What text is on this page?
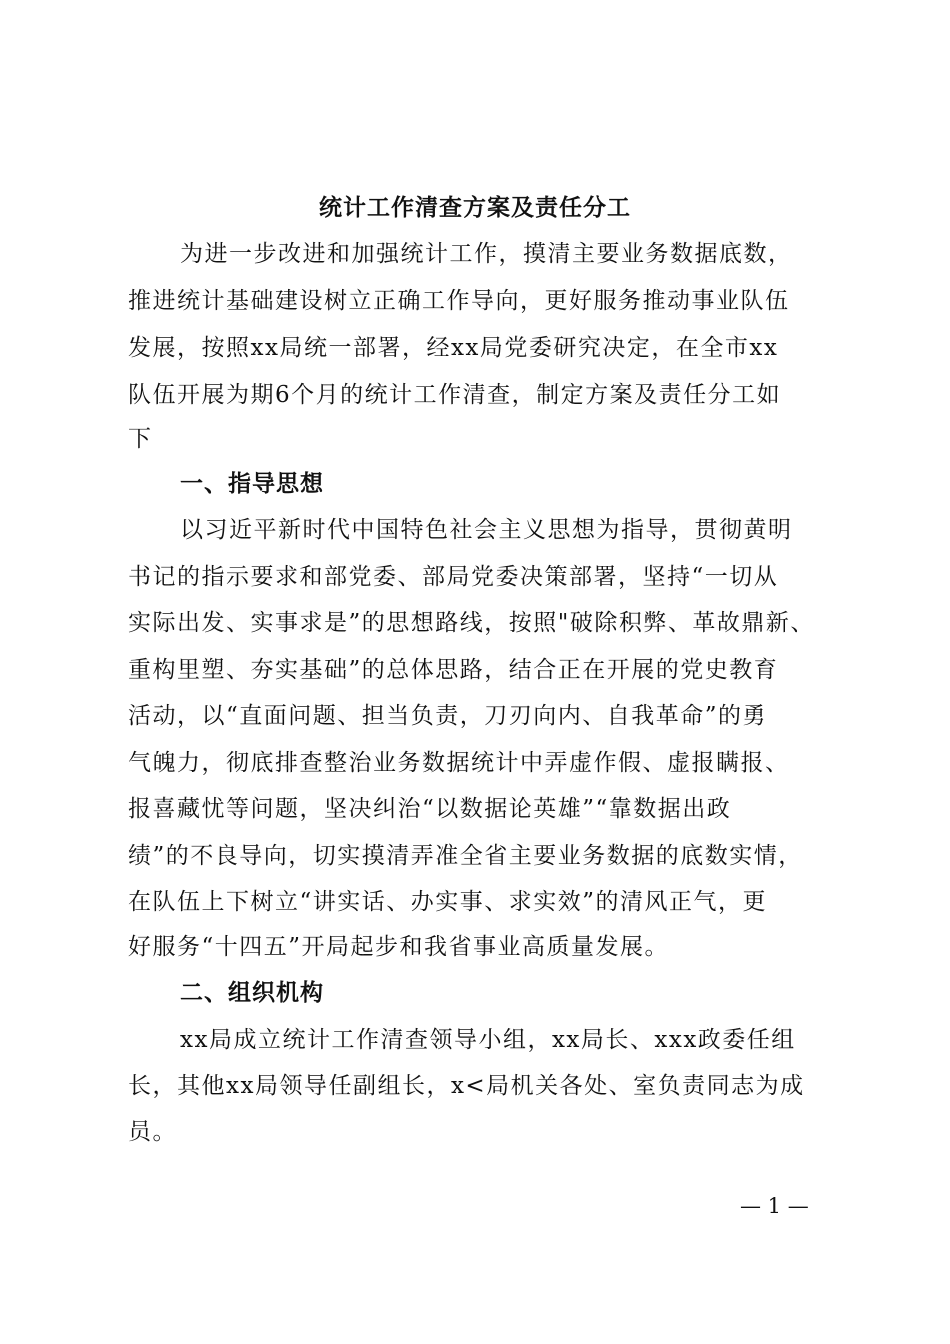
统计工作清查方案及责任分工
为进一步改进和加强统计工作，摸清主要业务数据底数，
推进统计基础建设树立正确工作导向，更好服务推动事业队伍
发展，按照xx局统一部署，经xx局党委研究决定，在全市xx
队伍开展为期6个月的统计工作清查，制定方案及责任分工如
下
一、指导思想
以习近平新时代中国特色社会主义思想为指导，贯彻黄明
书记的指示要求和部党委、部局党委决策部署，坚持“一切从
实际出发、实事求是”的思想路线，按照"破除积弊、革故鼎新、
重构里塑、夯实基础”的总体思路，结合正在开展的党史教育
活动，以“直面问题、担当负责，刀刃向内、自我革命”的勇
气魄力，彻底排查整治业务数据统计中弄虚作假、虚报瞒报、
报喜藏忧等问题，坚决纠治“以数据论英雄”“靠数据出政
绩”的不良导向，切实摸清弄准全省主要业务数据的底数实情，
在队伍上下树立“讲实话、办实事、求实效”的清风正气，更
好服务“十四五”开局起步和我省事业高质量发展。
二、组织机构
xx局成立统计工作清查领导小组，xx局长、xxx政委任组
长，其他xx局领导任副组长，x<局机关各处、室负责同志为成
员。
— 1 —
